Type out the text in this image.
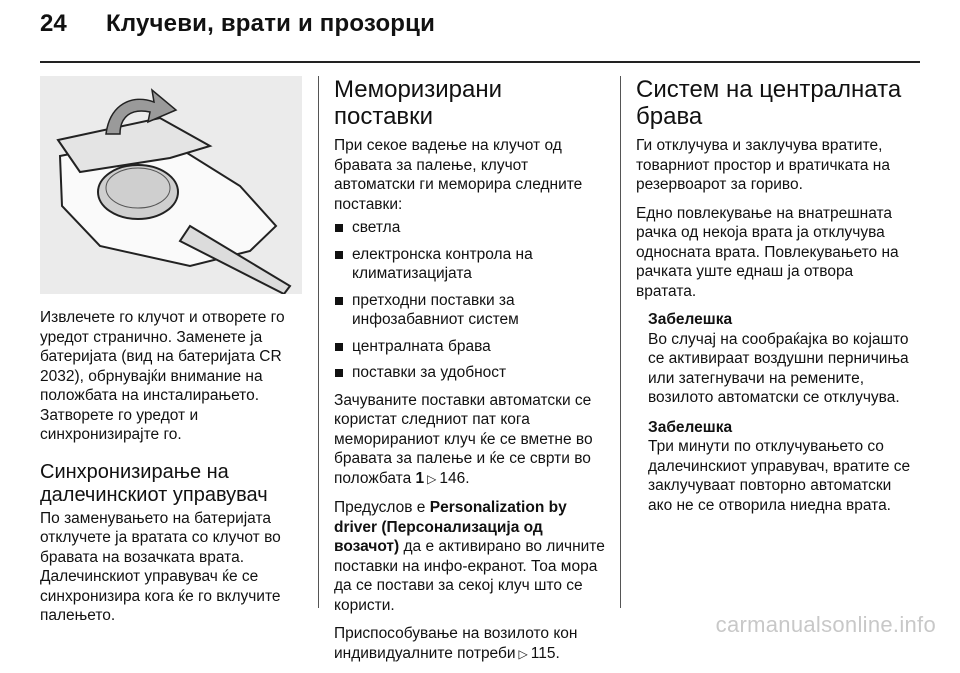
24 Клучеви, врати и прозорци

Извлечете го клучот и отворете го уредот странично. Заменете ја батеријата (вид на батеријата CR 2032), обрнувајќи внимание на положбата на инсталирањето. Затворете го уредот и синхронизирајте го.

Синхронизирање на далечинскиот управувач

По заменувањето на батеријата отклучете ја вратата со клучот во бравата на возачката врата. Далечинскиот управувач ќе се синхронизира кога ќе го вклучите палењето.

Меморизирани поставки

При секое вадење на клучот од бравата за палење, клучот автоматски ги меморира следните поставки:

светла
електронска контрола на климатизацијата
претходни поставки за инфозабавниот систем
централната брава
поставки за удобност

Зачуваните поставки автоматски се користат следниот пат кога меморираниот клуч ќе се вметне во бравата за палење и ќе се сврти во положбата 1 ▷ 146.

Предуслов е Personalization by driver (Персонализација од возачот) да е активирано во личните поставки на инфо-екранот. Тоа мора да се постави за секој клуч што се користи.

Приспособување на возилото кон индивидуалните потреби ▷ 115.

Систем на централната брава

Ги отклучува и заклучува вратите, товарниот простор и вратичката на резервоарот за гориво.

Едно повлекување на внатрешната рачка од некоја врата ја отклучува односната врата. Повлекувањето на рачката уште еднаш ја отвора вратата.

Забелешка
Во случај на сообраќајка во којашто се активираат воздушни перничиња или затегнувачи на ремените, возилото автоматски се отклучува.
Забелешка
Три минути по отклучувањето со далечинскиот управувач, вратите се заклучуваат повторно автоматски ако не се отворила ниедна врата.
carmanualsonline.info
